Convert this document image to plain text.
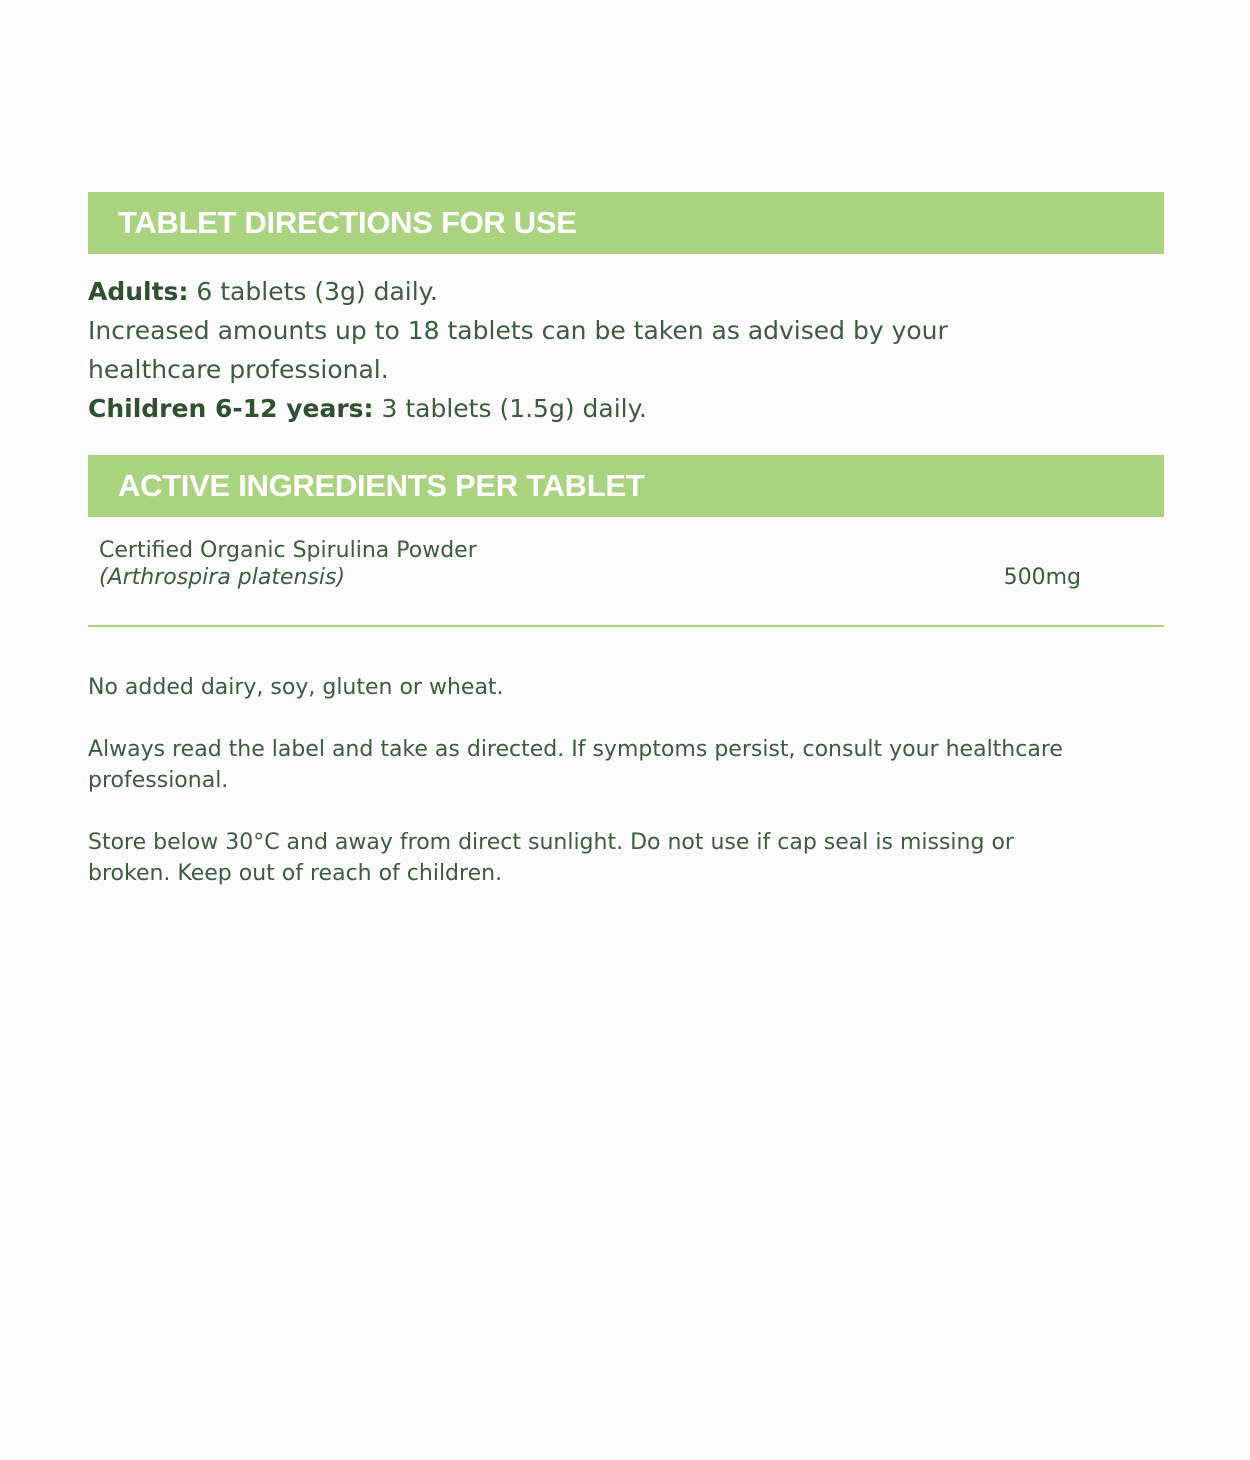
TABLET DIRECTIONS FOR USE
Adults: 6 tablets (3g) daily.
Increased amounts up to 18 tablets can be taken as advised by your
healthcare professional.
Children 6-12 years: 3 tablets (1.5g) daily.
ACTIVE INGREDIENTS PER TABLET
Certified Organic Spirulina Powder
(Arthrospira platensis)	500mg

No added dairy, soy, gluten or wheat.

Always read the label and take as directed. If symptoms persist, consult your healthcare professional.

Store below 30°C and away from direct sunlight. Do not use if cap seal is missing or broken. Keep out of reach of children.
